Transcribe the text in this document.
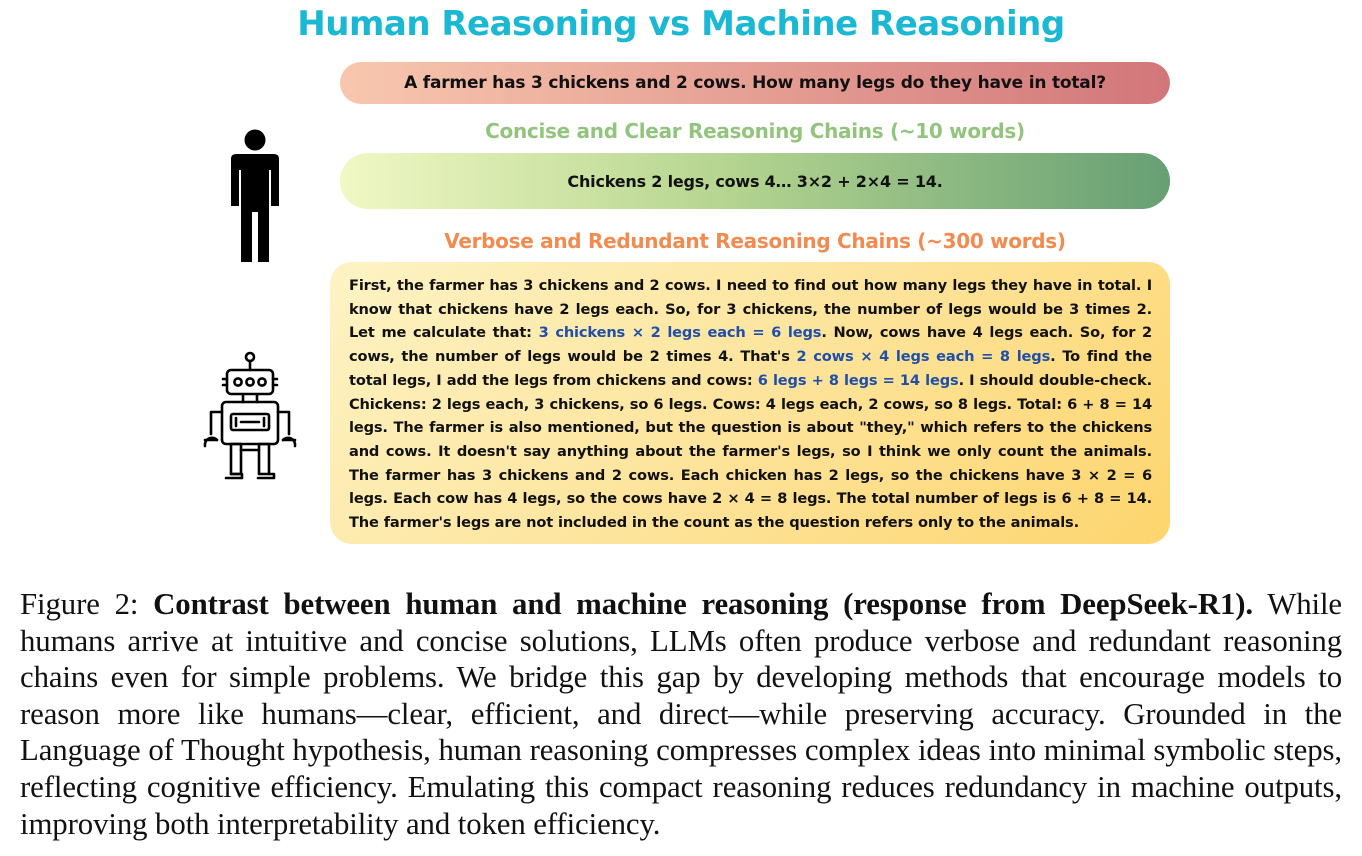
Human Reasoning vs Machine Reasoning
A farmer has 3 chickens and 2 cows. How many legs do they have in total?
Concise and Clear Reasoning Chains (~10 words)
Chickens 2 legs, cows 4… 3×2 + 2×4 = 14.
Verbose and Redundant Reasoning Chains (~300 words)
First, the farmer has 3 chickens and 2 cows. I need to find out how many legs they have in total. I know that chickens have 2 legs each. So, for 3 chickens, the number of legs would be 3 times 2. Let me calculate that: 3 chickens × 2 legs each = 6 legs. Now, cows have 4 legs each. So, for 2 cows, the number of legs would be 2 times 4. That's 2 cows × 4 legs each = 8 legs. To find the total legs, I add the legs from chickens and cows: 6 legs + 8 legs = 14 legs. I should double-check. Chickens: 2 legs each, 3 chickens, so 6 legs. Cows: 4 legs each, 2 cows, so 8 legs. Total: 6 + 8 = 14 legs. The farmer is also mentioned, but the question is about "they," which refers to the chickens and cows. It doesn't say anything about the farmer's legs, so I think we only count the animals. The farmer has 3 chickens and 2 cows. Each chicken has 2 legs, so the chickens have 3 × 2 = 6 legs. Each cow has 4 legs, so the cows have 2 × 4 = 8 legs. The total number of legs is 6 + 8 = 14. The farmer's legs are not included in the count as the question refers only to the animals.
Figure 2: Contrast between human and machine reasoning (response from DeepSeek-R1). While humans arrive at intuitive and concise solutions, LLMs often produce verbose and redundant reasoning chains even for simple problems. We bridge this gap by developing methods that encourage models to reason more like humans—clear, efficient, and direct—while preserving accuracy. Grounded in the Language of Thought hypothesis, human reasoning compresses complex ideas into minimal symbolic steps, reflecting cognitive efficiency. Emulating this compact reasoning reduces redundancy in machine outputs, improving both interpretability and token efficiency.
